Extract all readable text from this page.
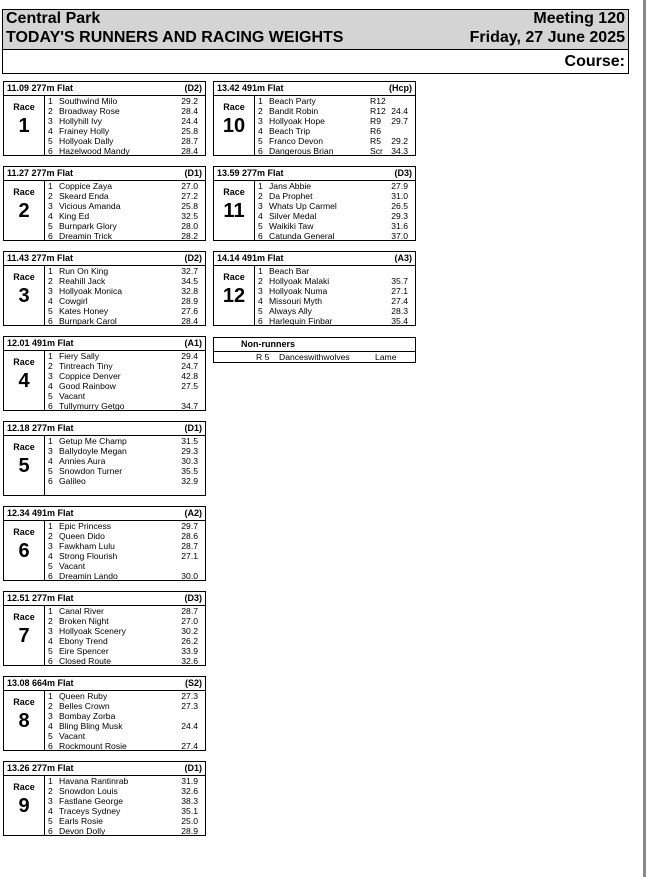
Central Park
TODAY'S RUNNERS AND RACING WEIGHTS
Meeting 120
Friday, 27 June 2025
Course:
11.09 277m Flat	(D2)
Race
1
1 Southwind Milo	29.2
2 Broadway Rose	28.4
3 Hollyhill Ivy	24.4
4 Frainey Holly	25.8
5 Hollyoak Dally	28.7
6 Hazelwood Mandy	28.4
11.27 277m Flat	(D1)
Race
2
1 Coppice Zaya	27.0
2 Skeard Enda	27.2
3 Vicious Amanda	25.8
4 King Ed	32.5
5 Burnpark Glory	28.0
6 Dreamin Trick	28.2
11.43 277m Flat	(D2)
Race
3
1 Run On King	32.7
2 Reahill Jack	34.5
3 Hollyoak Monica	32.8
4 Cowgirl	28.9
5 Kates Honey	27.6
6 Burnpark Carol	28.4
12.01 491m Flat	(A1)
Race
4
1 Fiery Sally	29.4
2 Tintreach Tiny	24.7
3 Coppice Denver	42.8
4 Good Rainbow	27.5
5 Vacant
6 Tullymurry Getgo	34.7
12.18 277m Flat	(D1)
Race
5
1 Getup Me Champ	31.5
3 Ballydoyle Megan	29.3
4 Annies Aura	30.3
5 Snowdon Turner	35.5
6 Galileo	32.9
12.34 491m Flat	(A2)
Race
6
1 Epic Princess	29.7
2 Queen Dido	28.6
3 Fawkham Lulu	28.7
4 Strong Flourish	27.1
5 Vacant
6 Dreamin Lando	30.0
12.51 277m Flat	(D3)
Race
7
1 Canal River	28.7
2 Broken Night	27.0
3 Hollyoak Scenery	30.2
4 Ebony Trend	26.2
5 Eire Spencer	33.9
6 Closed Route	32.6
13.08 664m Flat	(S2)
Race
8
1 Queen Ruby	27.3
2 Belles Crown	27.3
3 Bombay Zorba
4 Bling Bling Musk	24.4
5 Vacant
6 Rockmount Rosie	27.4
13.26 277m Flat	(D1)
Race
9
1 Havana Rantinrab	31.9
2 Snowdon Louis	32.6
3 Fastlane George	38.3
4 Traceys Sydney	35.1
5 Earls Rosie	25.0
6 Devon Dolly	28.9
13.42 491m Flat	(Hcp)
Race
10
1 Beach Party	R12
2 Bandit Robin	R12 24.4
3 Hollyoak Hope	R9 29.7
4 Beach Trip	R6
5 Franco Devon	R5 29.2
6 Dangerous Brian	Scr 34.3
13.59 277m Flat	(D3)
Race
11
1 Jans Abbie	27.9
2 Da Prophet	31.0
3 Whats Up Carmel	26.5
4 Silver Medal	29.3
5 Waikiki Taw	31.6
6 Catunda General	37.0
14.14 491m Flat	(A3)
Race
12
1 Beach Bar
2 Hollyoak Malaki	35.7
3 Hollyoak Numa	27.1
4 Missouri Myth	27.4
5 Always Ally	28.3
6 Harlequin Finbar	35.4
Non-runners
R 5 Danceswithwolves	Lame
